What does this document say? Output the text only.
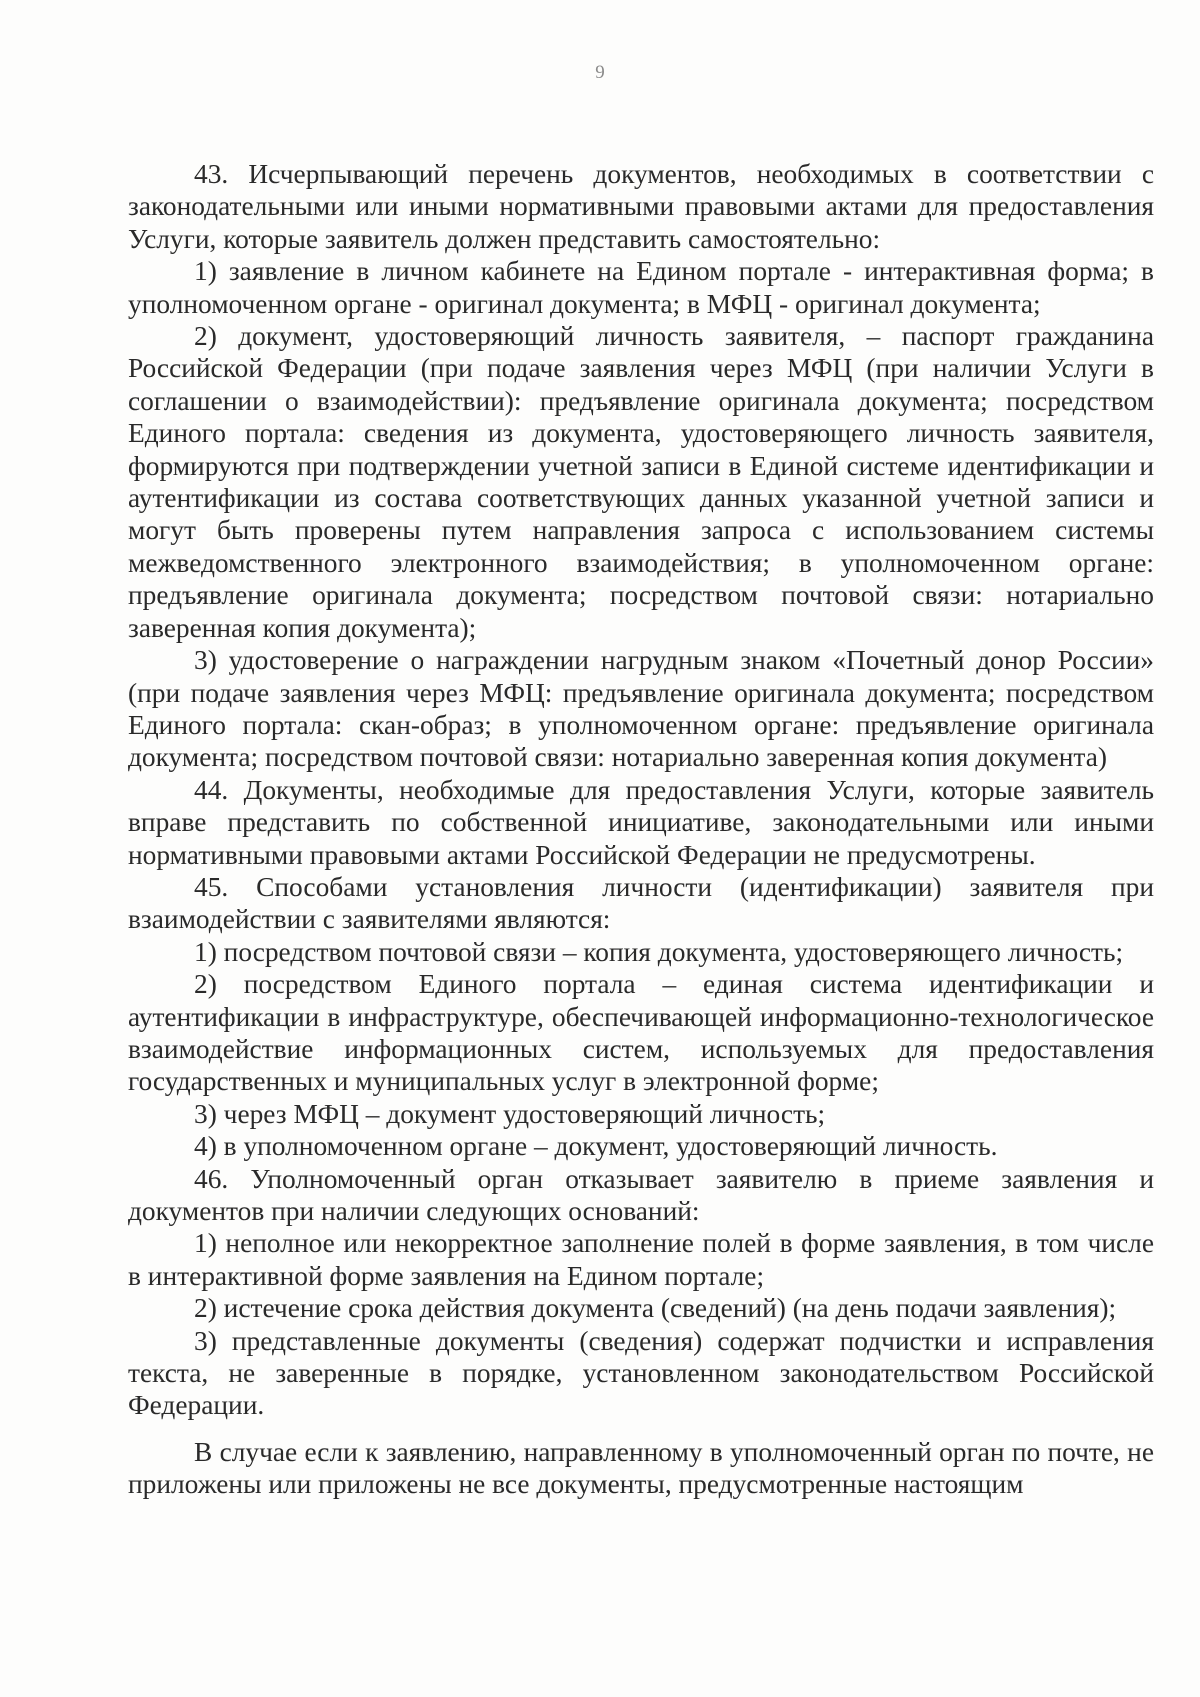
9

43. Исчерпывающий перечень документов, необходимых в соответствии с законодательными или иными нормативными правовыми актами для предоставления Услуги, которые заявитель должен представить самостоятельно:

1) заявление в личном кабинете на Едином портале - интерактивная форма; в уполномоченном органе - оригинал документа; в МФЦ - оригинал документа;

2) документ, удостоверяющий личность заявителя, – паспорт гражданина Российской Федерации (при подаче заявления через МФЦ (при наличии Услуги в соглашении о взаимодействии): предъявление оригинала документа; посредством Единого портала: сведения из документа, удостоверяющего личность заявителя, формируются при подтверждении учетной записи в Единой системе идентификации и аутентификации из состава соответствующих данных указанной учетной записи и могут быть проверены путем направления запроса с использованием системы межведомственного электронного взаимодействия; в уполномоченном органе: предъявление оригинала документа; посредством почтовой связи: нотариально заверенная копия документа);

3) удостоверение о награждении нагрудным знаком «Почетный донор России» (при подаче заявления через МФЦ: предъявление оригинала документа; посредством Единого портала: скан-образ; в уполномоченном органе: предъявление оригинала документа; посредством почтовой связи: нотариально заверенная копия документа)

44. Документы, необходимые для предоставления Услуги, которые заявитель вправе представить по собственной инициативе, законодательными или иными нормативными правовыми актами Российской Федерации не предусмотрены.

45. Способами установления личности (идентификации) заявителя при взаимодействии с заявителями являются:

1) посредством почтовой связи – копия документа, удостоверяющего личность;

2) посредством Единого портала – единая система идентификации и аутентификации в инфраструктуре, обеспечивающей информационно-технологическое взаимодействие информационных систем, используемых для предоставления государственных и муниципальных услуг в электронной форме;

3) через МФЦ – документ удостоверяющий личность;

4) в уполномоченном органе – документ, удостоверяющий личность.

46. Уполномоченный орган отказывает заявителю в приеме заявления и документов при наличии следующих оснований:

1) неполное или некорректное заполнение полей в форме заявления, в том числе в интерактивной форме заявления на Едином портале;

2) истечение срока действия документа (сведений) (на день подачи заявления);

3) представленные документы (сведения) содержат подчистки и исправления текста, не заверенные в порядке, установленном законодательством Российской Федерации.

В случае если к заявлению, направленному в уполномоченный орган по почте, не приложены или приложены не все документы, предусмотренные настоящим
